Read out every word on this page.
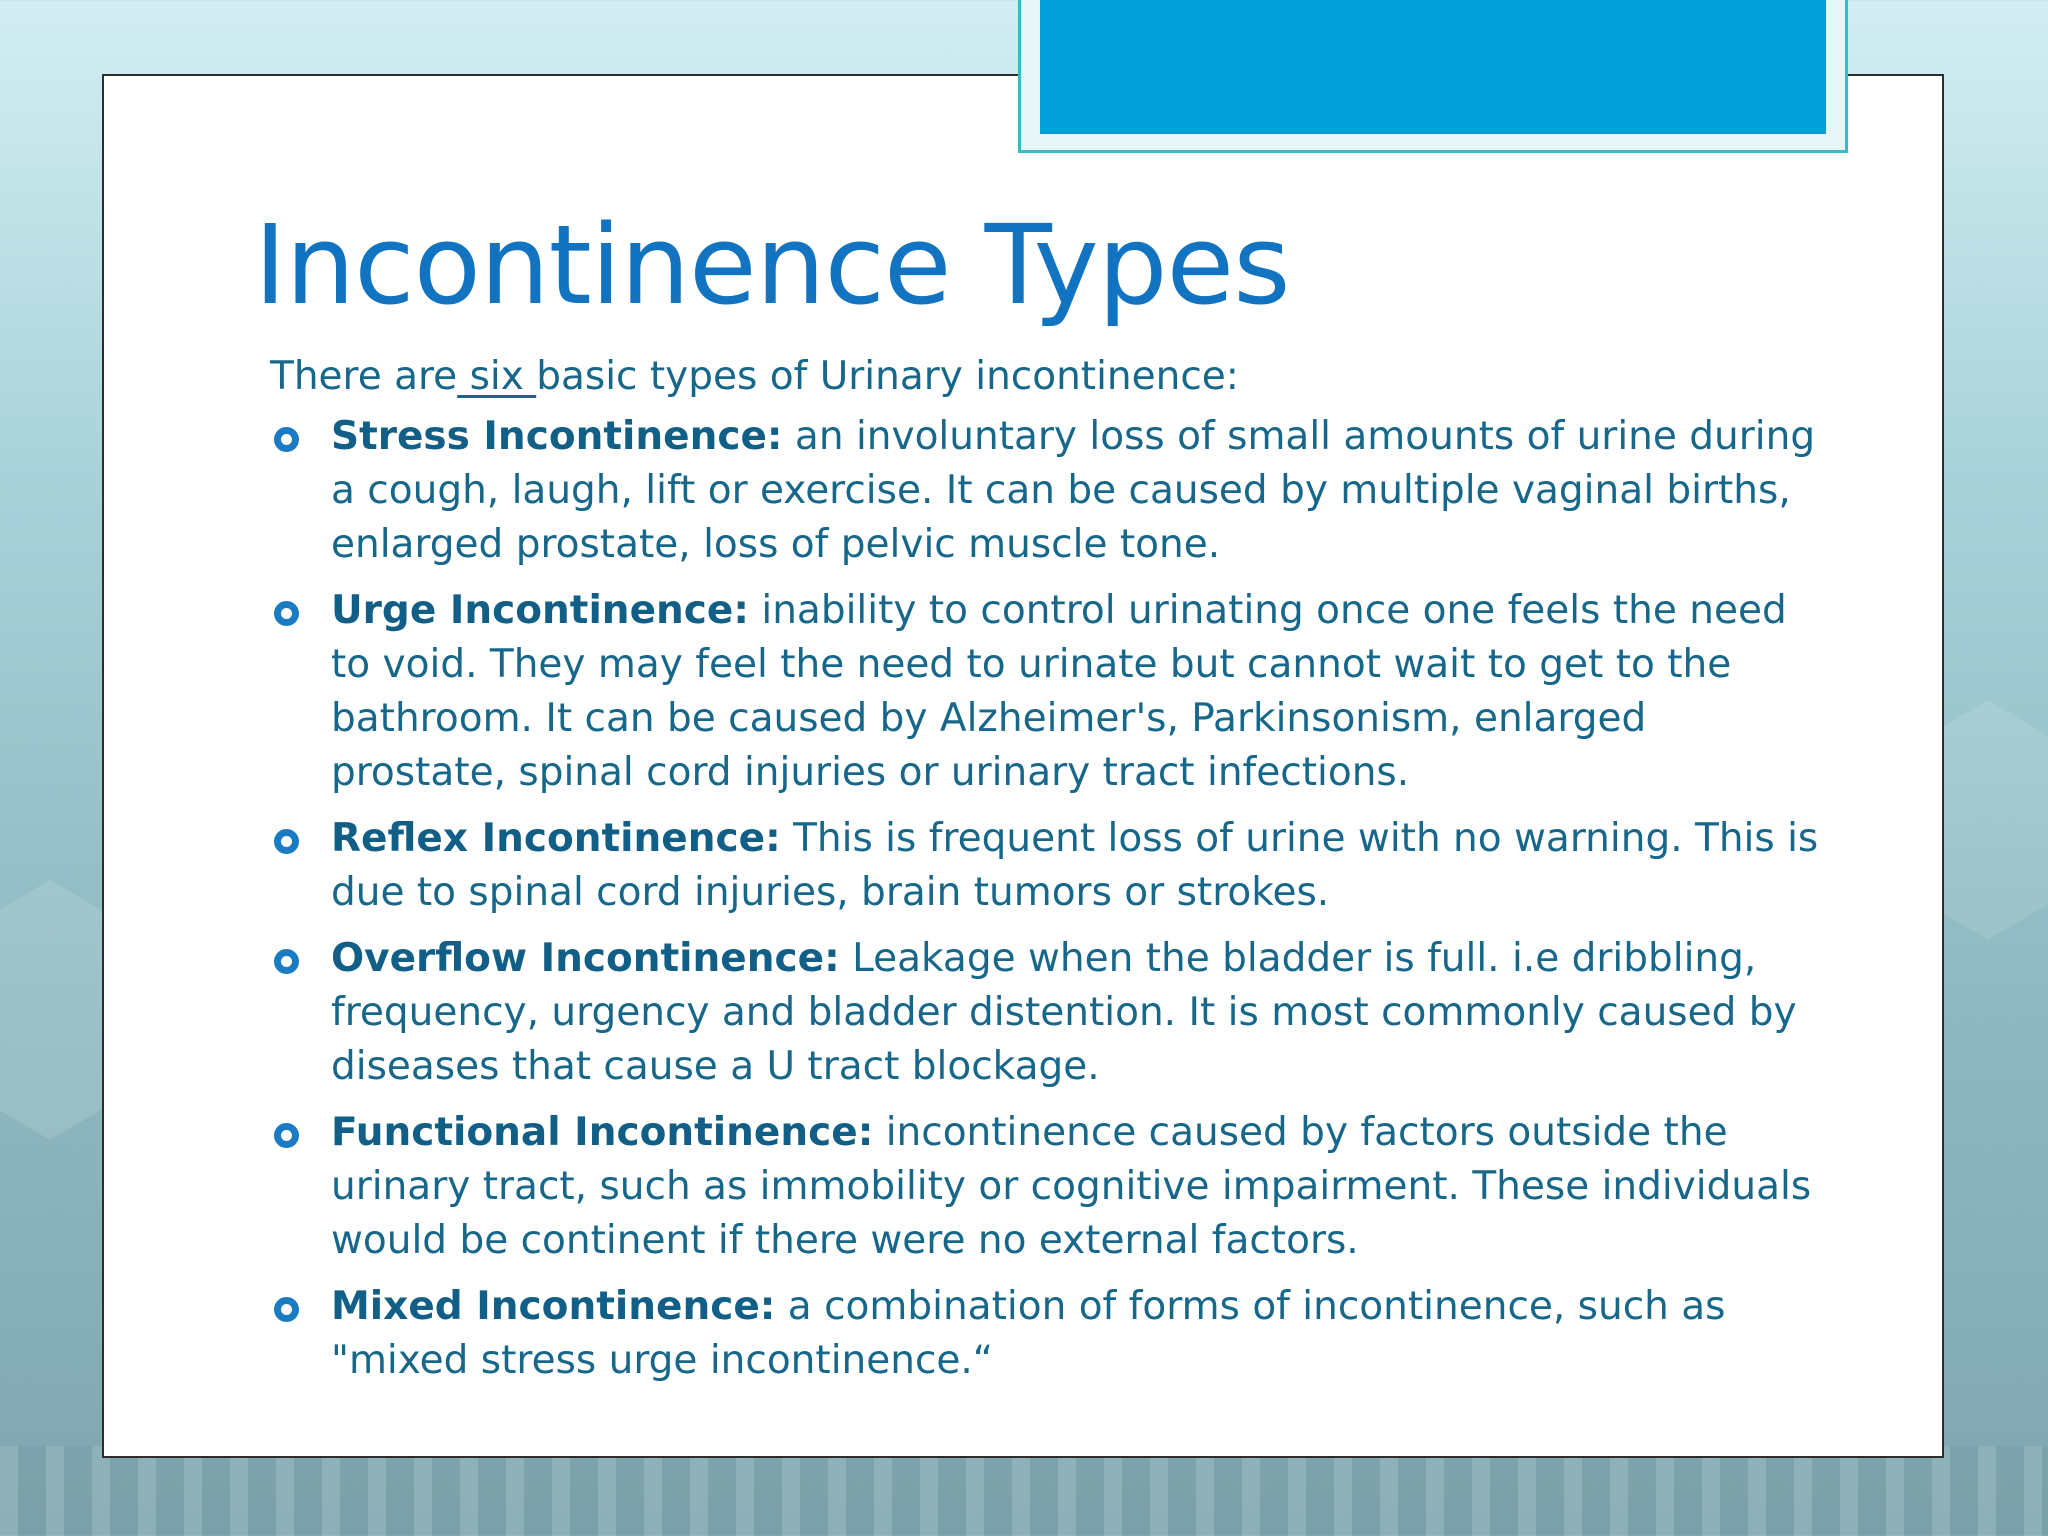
Incontinence Types

There are six basic types of Urinary incontinence:

Stress Incontinence: an involuntary loss of small amounts of urine during a cough, laugh, lift or exercise. It can be caused by multiple vaginal births, enlarged prostate, loss of pelvic muscle tone.
Urge Incontinence: inability to control urinating once one feels the need to void. They may feel the need to urinate but cannot wait to get to the bathroom. It can be caused by Alzheimer's, Parkinsonism, enlarged prostate, spinal cord injuries or urinary tract infections.
Reflex Incontinence: This is frequent loss of urine with no warning. This is due to spinal cord injuries, brain tumors or strokes.
Overflow Incontinence: Leakage when the bladder is full. i.e dribbling, frequency, urgency and bladder distention. It is most commonly caused by diseases that cause a U tract blockage.
Functional Incontinence: incontinence caused by factors outside the urinary tract, such as immobility or cognitive impairment. These individuals would be continent if there were no external factors.
Mixed Incontinence: a combination of forms of incontinence, such as "mixed stress urge incontinence.“
